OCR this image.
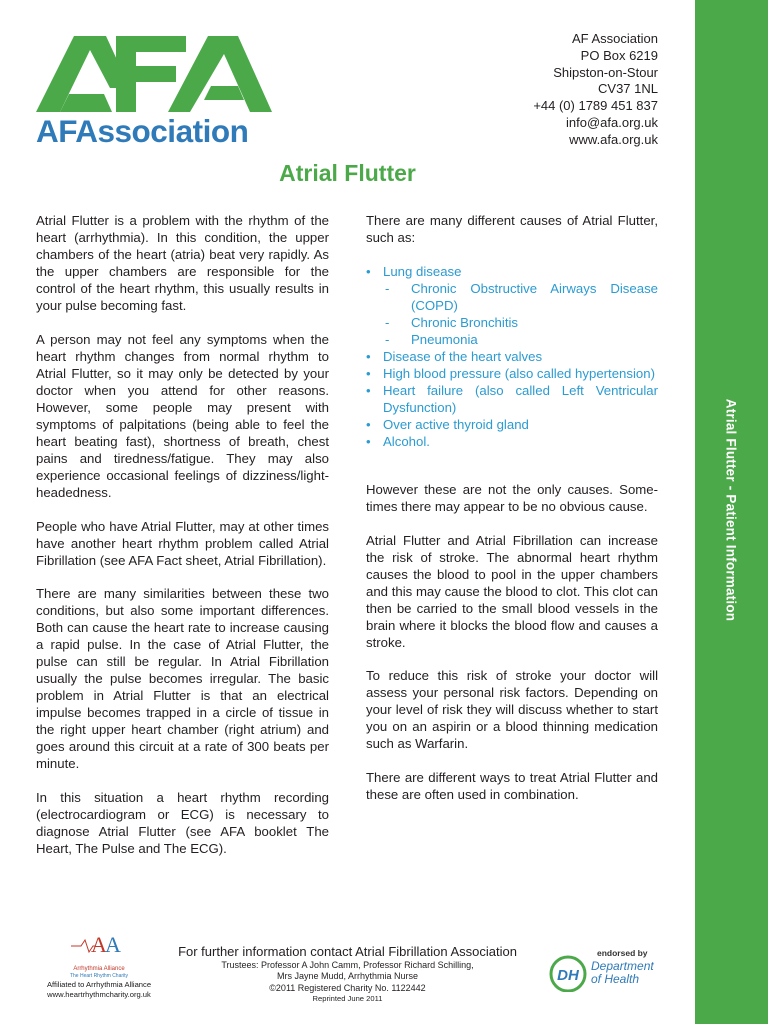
Atrial Flutter - Patient Information
AFAssociation
AF Association
PO Box 6219
Shipston-on-Stour
CV37 1NL
+44 (0) 1789 451 837
info@afa.org.uk
www.afa.org.uk
Atrial Flutter

Atrial Flutter is a problem with the rhythm of the heart (arrhythmia). In this condition, the upper chambers of the heart (atria) beat very rapidly. As the upper chambers are responsible for the control of the heart rhythm, this usually results in your pulse becoming fast.

A person may not feel any symptoms when the heart rhythm changes from normal rhythm to Atrial Flutter, so it may only be detected by your doctor when you attend for other reasons. However, some people may present with symptoms of palpitations (being able to feel the heart beating fast), shortness of breath, chest pains and tiredness/fatigue. They may also experience occasional feelings of dizziness/light-headedness.

People who have Atrial Flutter, may at other times have another heart rhythm problem called Atrial Fibrillation (see AFA Fact sheet, Atrial Fibrillation).

There are many similarities between these two conditions, but also some important differences. Both can cause the heart rate to increase causing a rapid pulse. In the case of Atrial Flutter, the pulse can still be regular. In Atrial Fibrillation usually the pulse becomes irregular. The basic problem in Atrial Flutter is that an electrical impulse becomes trapped in a circle of tissue in the right upper heart chamber (right atrium) and goes around this circuit at a rate of 300 beats per minute.

In this situation a heart rhythm recording (electrocardiogram or ECG) is necessary to diagnose Atrial Flutter (see AFA booklet The Heart, The Pulse and The ECG).

There are many different causes of Atrial Flutter, such as:

• Lung disease
- Chronic Obstructive Airways Disease (COPD)
- Chronic Bronchitis
- Pneumonia
• Disease of the heart valves
• High blood pressure (also called hypertension)
• Heart failure (also called Left Ventricular Dysfunction)
• Over active thyroid gland
• Alcohol.

However these are not the only causes. Some-times there may appear to be no obvious cause.

Atrial Flutter and Atrial Fibrillation can increase the risk of stroke. The abnormal heart rhythm causes the blood to pool in the upper chambers and this may cause the blood to clot. This clot can then be carried to the small blood vessels in the brain where it blocks the blood flow and causes a stroke.

To reduce this risk of stroke your doctor will assess your personal risk factors. Depending on your level of risk they will discuss whether to start you on an aspirin or a blood thinning medication such as Warfarin.

There are different ways to treat Atrial Flutter and these are often used in combination.

A
A
Arrhythmia Alliance
The Heart Rhythm Charity
Affiliated to Arrhythmia Alliance
www.heartrhythmcharity.org.uk
For further information contact Atrial Fibrillation Association
Trustees: Professor A John Camm, Professor Richard Schilling,
Mrs Jayne Mudd, Arrhythmia Nurse
©2011 Registered Charity No. 1122442
Reprinted June 2011
endorsed by
DH
Department
of Health
